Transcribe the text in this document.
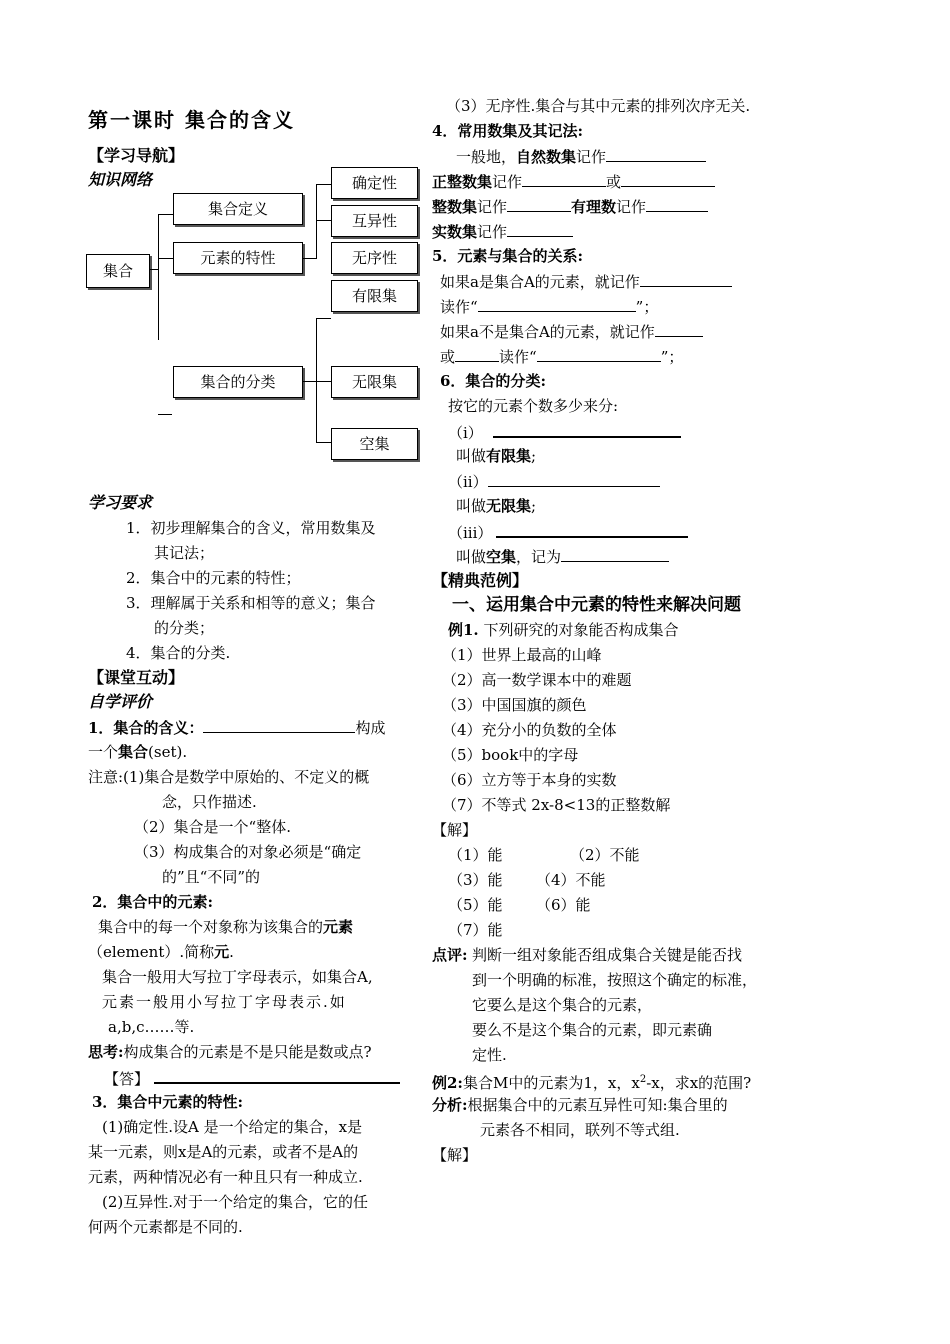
第一课时 集合的含义
【学习导航】
知识网络
集合
集合定义
元素的特性
集合的分类
确定性
互异性
无序性
有限集
无限集
空集
学习要求
1．初步理解集合的含义，常用数集及
其记法；
2．集合中的元素的特性；
3．理解属于关系和相等的意义；集合
的分类；
4．集合的分类.
【课堂互动】
自学评价
1．集合的含义：	构成
一个集合(set).
注意:(1)集合是数学中原始的、不定义的概
念，只作描述.
（2）集合是一个“整体.
（3）构成集合的对象必须是“确定
的”且“不同”的
2．集合中的元素:
集合中的每一个对象称为该集合的元素
（element）.简称元.
集合一般用大写拉丁字母表示，如集合A,
元素一般用小写拉丁字母表示.如
a,b,c……等.
思考:构成集合的元素是不是只能是数或点?
【答】
3．集合中元素的特性:
(1)确定性.设A 是一个给定的集合，x是
某一元素，则x是A的元素，或者不是A的
元素，两种情况必有一种且只有一种成立.
(2)互异性.对于一个给定的集合，它的任
何两个元素都是不同的.
（3）无序性.集合与其中元素的排列次序无关.
4．常用数集及其记法:
一般地，自然数集记作
正整数集记作	或
整数集记作	有理数记作
实数集记作
5．元素与集合的关系:
如果a是集合A的元素，就记作
读作“	”；
如果a不是集合A的元素，就记作
或	读作“	”；
6．集合的分类:
按它的元素个数多少来分:
（i）
叫做有限集;
（ii）
叫做无限集;
（iii）
叫做空集，记为
【精典范例】
一、运用集合中元素的特性来解决问题
例1. 下列研究的对象能否构成集合
（1）世界上最高的山峰
（2）高一数学课本中的难题
（3）中国国旗的颜色
（4）充分小的负数的全体
（5）book中的字母
（6）立方等于本身的实数
（7）不等式 2x-8<13的正整数解
【解】
（1）能	（2）不能
（3）能 （4）不能
（5）能 （6）能
（7）能
点评: 判断一组对象能否组成集合关键是能否找
到一个明确的标准，按照这个确定的标准，
它要么是这个集合的元素，
要么不是这个集合的元素，即元素确
定性.
例2:集合M中的元素为1，x，$x^2-x$，求x的范围?
分析:根据集合中的元素互异性可知:集合里的
元素各不相同，联列不等式组.
【解】
